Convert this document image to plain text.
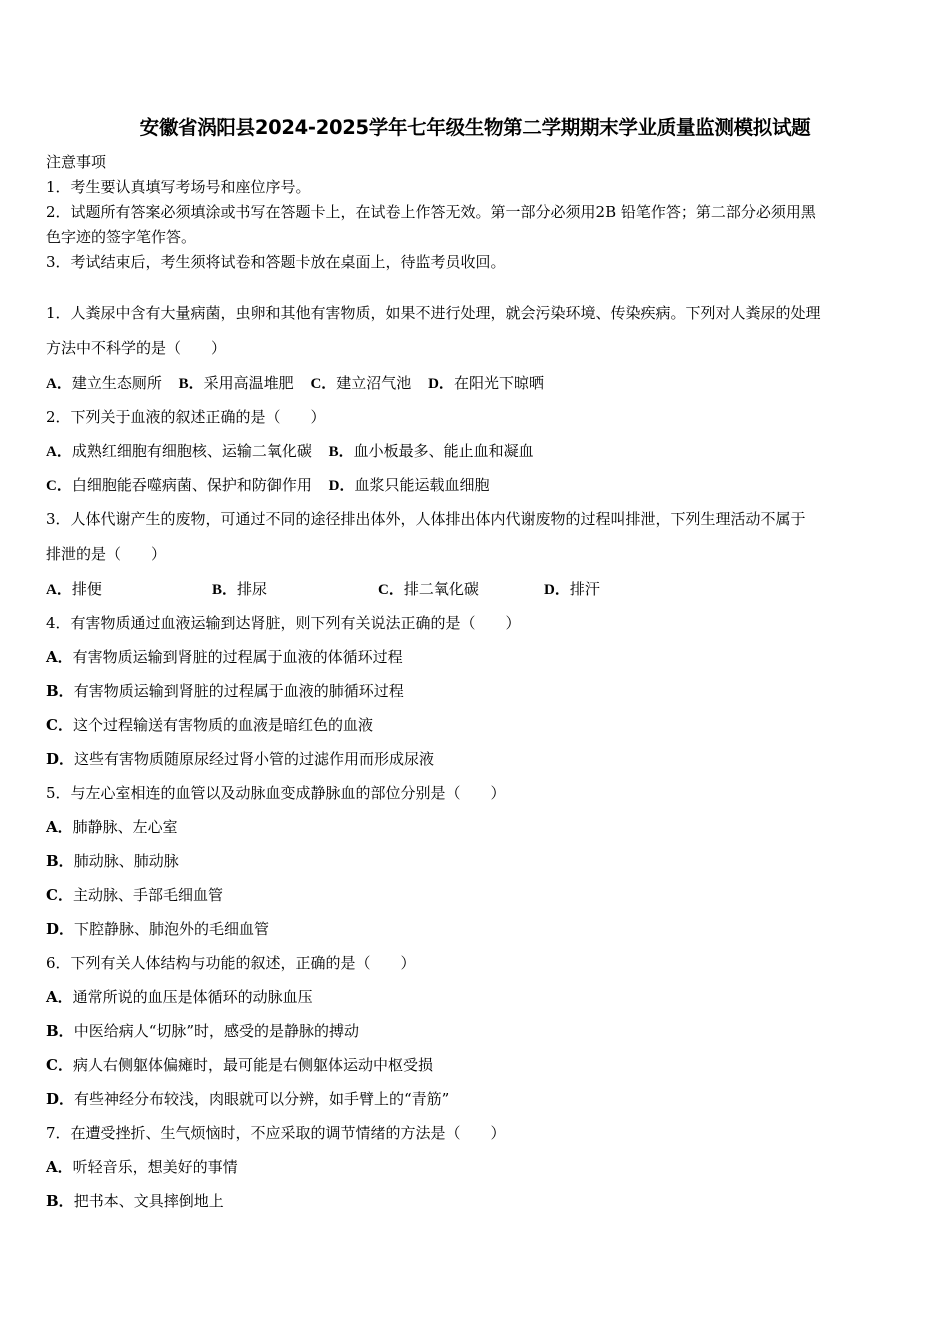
安徽省涡阳县2024-2025学年七年级生物第二学期期末学业质量监测模拟试题
注意事项
1．考生要认真填写考场号和座位序号。
2．试题所有答案必须填涂或书写在答题卡上，在试卷上作答无效。第一部分必须用2B 铅笔作答；第二部分必须用黑
色字迹的签字笔作答。
3．考试结束后，考生须将试卷和答题卡放在桌面上，待监考员收回。
1．人粪尿中含有大量病菌，虫卵和其他有害物质，如果不进行处理，就会污染环境、传染疾病。下列对人粪尿的处理
方法中不科学的是（　　）
A．建立生态厕所 B．采用高温堆肥 C．建立沼气池 D．在阳光下晾晒
2．下列关于血液的叙述正确的是（　　）
A．成熟红细胞有细胞核、运输二氧化碳 B．血小板最多、能止血和凝血
C．白细胞能吞噬病菌、保护和防御作用 D．血浆只能运载血细胞
3．人体代谢产生的废物，可通过不同的途径排出体外，人体排出体内代谢废物的过程叫排泄，下列生理活动不属于
排泄的是（　　）
A．排便	B．排尿	C．排二氧化碳	D．排汗
4．有害物质通过血液运输到达肾脏，则下列有关说法正确的是（　　）
A．有害物质运输到肾脏的过程属于血液的体循环过程
B．有害物质运输到肾脏的过程属于血液的肺循环过程
C．这个过程输送有害物质的血液是暗红色的血液
D．这些有害物质随原尿经过肾小管的过滤作用而形成尿液
5．与左心室相连的血管以及动脉血变成静脉血的部位分别是（　　）
A．肺静脉、左心室
B．肺动脉、肺动脉
C．主动脉、手部毛细血管
D．下腔静脉、肺泡外的毛细血管
6．下列有关人体结构与功能的叙述，正确的是（　　）
A．通常所说的血压是体循环的动脉血压
B．中医给病人“切脉”时，感受的是静脉的搏动
C．病人右侧躯体偏瘫时，最可能是右侧躯体运动中枢受损
D．有些神经分布较浅，肉眼就可以分辨，如手臂上的“青筋”
7．在遭受挫折、生气烦恼时，不应采取的调节情绪的方法是（　　）
A．听轻音乐，想美好的事情
B．把书本、文具摔倒地上
